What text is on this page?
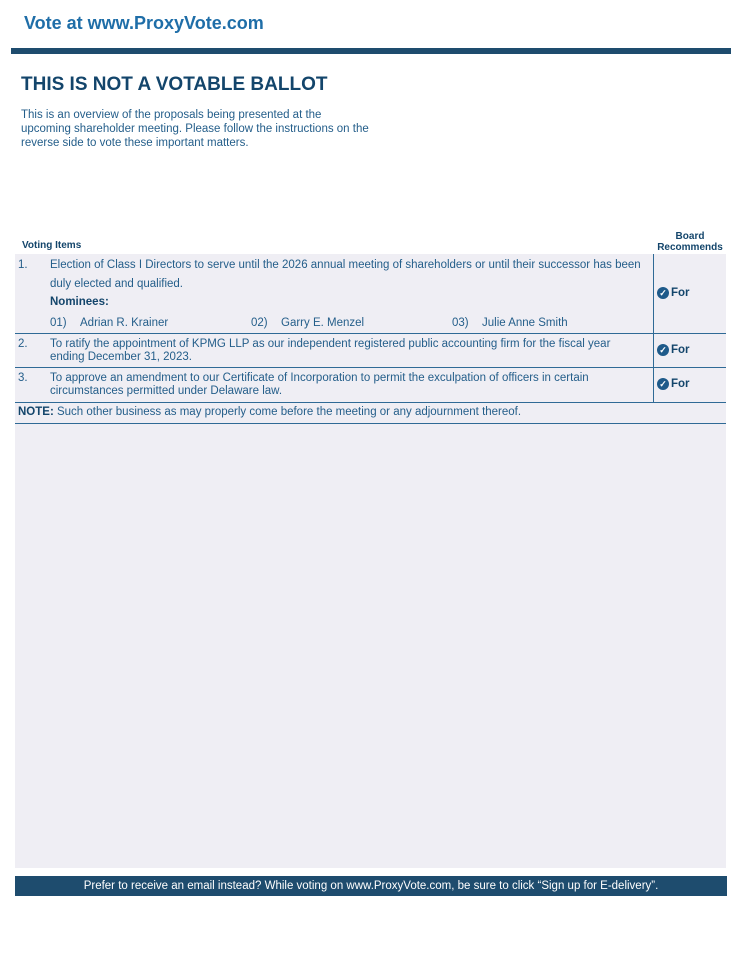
Vote at www.ProxyVote.com
THIS IS NOT A VOTABLE BALLOT
This is an overview of the proposals being presented at the upcoming shareholder meeting. Please follow the instructions on the reverse side to vote these important matters.
Voting Items
Board
Recommends
1. Election of Class I Directors to serve until the 2026 annual meeting of shareholders or until their successor has been
duly elected and qualified.
Nominees:
01) Adrian R. Krainer	02) Garry E. Menzel	03) Julie Anne Smith
✓ For
2. To ratify the appointment of KPMG LLP as our independent registered public accounting firm for the fiscal year
ending December 31, 2023.
✓ For
3. To approve an amendment to our Certificate of Incorporation to permit the exculpation of officers in certain
circumstances permitted under Delaware law.
✓ For
NOTE: Such other business as may properly come before the meeting or any adjournment thereof.
Prefer to receive an email instead? While voting on www.ProxyVote.com, be sure to click “Sign up for E-delivery”.
